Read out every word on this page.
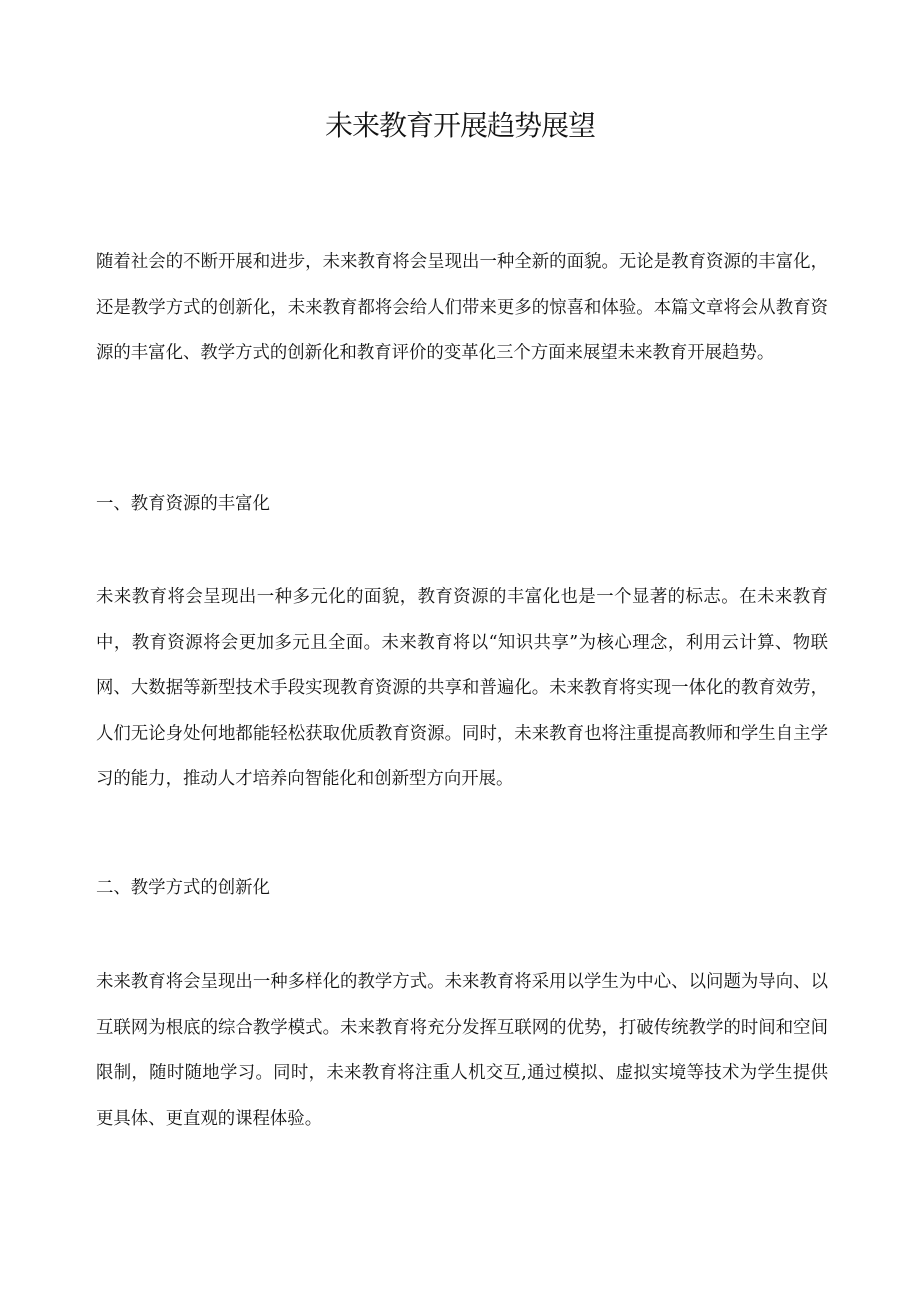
未来教育开展趋势展望

随着社会的不断开展和进步，未来教育将会呈现出一种全新的面貌。无论是教育资源的丰富化，还是教学方式的创新化，未来教育都将会给人们带来更多的惊喜和体验。本篇文章将会从教育资源的丰富化、教学方式的创新化和教育评价的变革化三个方面来展望未来教育开展趋势。

一、教育资源的丰富化

未来教育将会呈现出一种多元化的面貌，教育资源的丰富化也是一个显著的标志。在未来教育中，教育资源将会更加多元且全面。未来教育将以“知识共享”为核心理念，利用云计算、物联网、大数据等新型技术手段实现教育资源的共享和普遍化。未来教育将实现一体化的教育效劳，人们无论身处何地都能轻松获取优质教育资源。同时，未来教育也将注重提高教师和学生自主学习的能力，推动人才培养向智能化和创新型方向开展。

二、教学方式的创新化

未来教育将会呈现出一种多样化的教学方式。未来教育将采用以学生为中心、以问题为导向、以互联网为根底的综合教学模式。未来教育将充分发挥互联网的优势，打破传统教学的时间和空间限制，随时随地学习。同时，未来教育将注重人机交互,通过模拟、虚拟实境等技术为学生提供更具体、更直观的课程体验。
